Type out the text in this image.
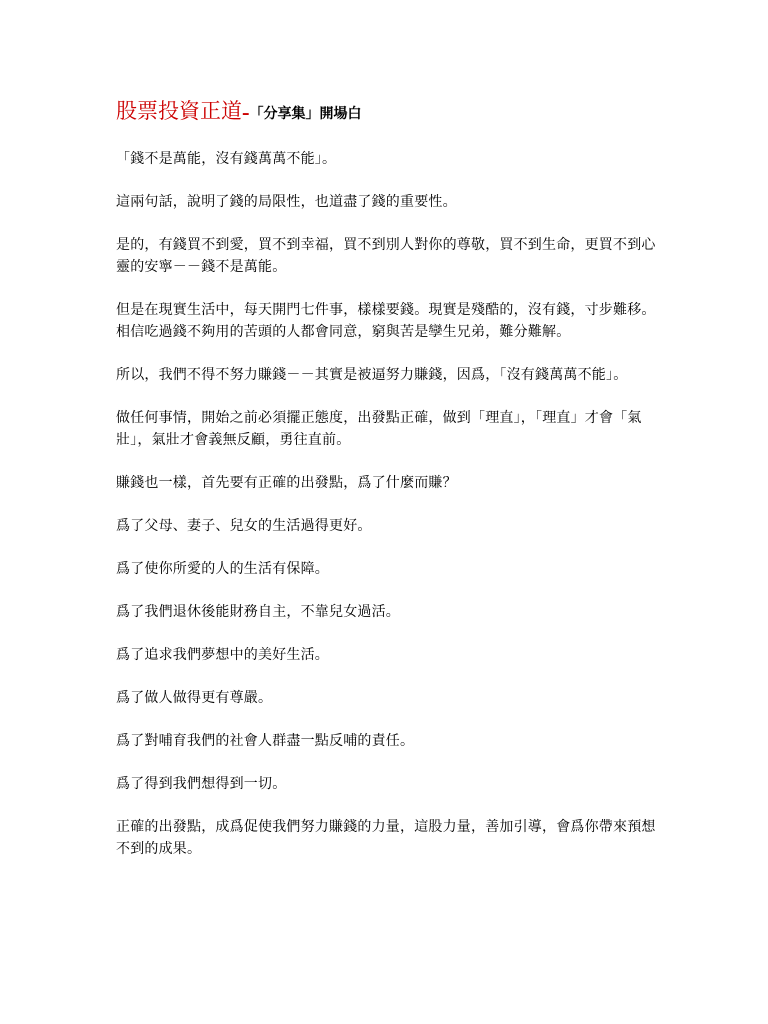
股票投資正道–「分享集」開場白

「錢不是萬能，沒有錢萬萬不能」。

這兩句話，說明了錢的局限性，也道盡了錢的重要性。

是的，有錢買不到愛，買不到幸福，買不到別人對你的尊敬，買不到生命，更買不到心靈的安寧－－錢不是萬能。

但是在現實生活中，每天開門七件事，樣樣要錢。現實是殘酷的，沒有錢，寸步難移。相信吃過錢不夠用的苦頭的人都會同意，窮與苦是孿生兄弟，難分難解。

所以，我們不得不努力賺錢－－其實是被逼努力賺錢，因爲，「沒有錢萬萬不能」。

做任何事情，開始之前必須擺正態度，出發點正確，做到「理直」，「理直」才會「氣壯」，氣壯才會義無反顧，勇往直前。

賺錢也一樣，首先要有正確的出發點，爲了什麼而賺？

爲了父母、妻子、兒女的生活過得更好。

爲了使你所愛的人的生活有保障。

爲了我們退休後能財務自主，不靠兒女過活。

爲了追求我們夢想中的美好生活。

爲了做人做得更有尊嚴。

爲了對哺育我們的社會人群盡一點反哺的責任。

爲了得到我們想得到一切。

正確的出發點，成爲促使我們努力賺錢的力量，這股力量，善加引導，會爲你帶來預想不到的成果。
